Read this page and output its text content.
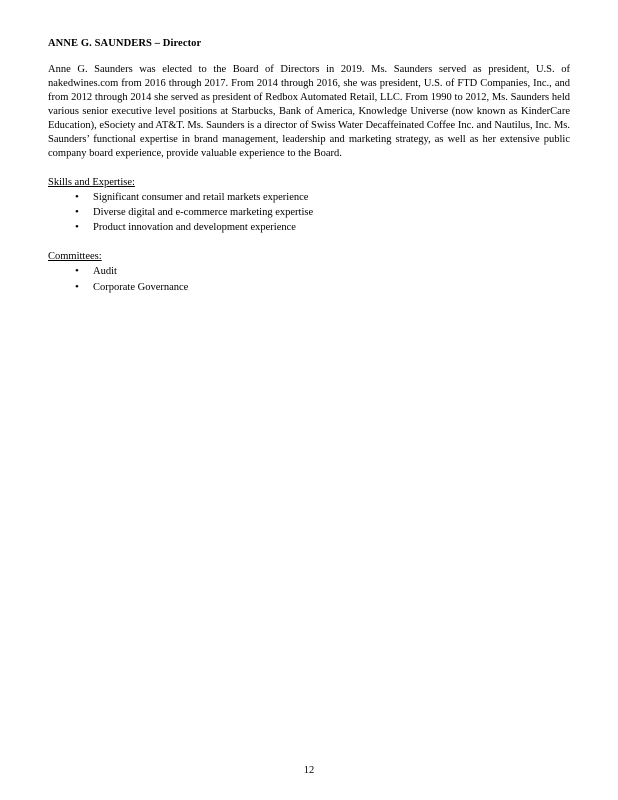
ANNE G. SAUNDERS – Director

Anne G. Saunders was elected to the Board of Directors in 2019. Ms. Saunders served as president, U.S. of nakedwines.com from 2016 through 2017. From 2014 through 2016, she was president, U.S. of FTD Companies, Inc., and from 2012 through 2014 she served as president of Redbox Automated Retail, LLC. From 1990 to 2012, Ms. Saunders held various senior executive level positions at Starbucks, Bank of America, Knowledge Universe (now known as KinderCare Education), eSociety and AT&T. Ms. Saunders is a director of Swiss Water Decaffeinated Coffee Inc. and Nautilus, Inc. Ms. Saunders’ functional expertise in brand management, leadership and marketing strategy, as well as her extensive public company board experience, provide valuable experience to the Board.

Skills and Expertise:

• Significant consumer and retail markets experience
• Diverse digital and e-commerce marketing expertise
• Product innovation and development experience

Committees:

• Audit
• Corporate Governance
12
